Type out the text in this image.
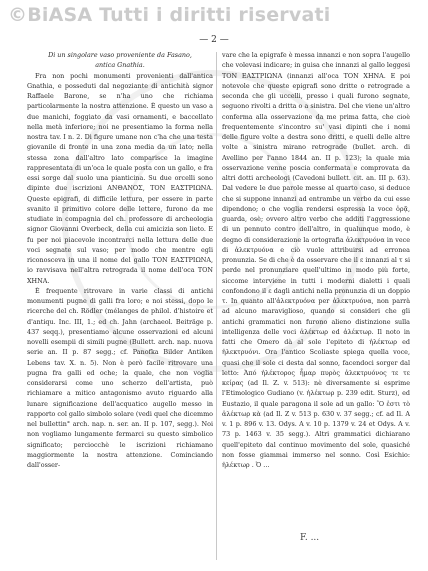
©BiASA Tutti i diritti riservati
— 2 —

Di un singolare vaso proveniente da Fasano,

antica Gnathia.

Fra non pochi monumenti provenienti dall'antica Gnathia, e posseduti dal negoziante di antichità signor Raffaele Barone, se n'ha uno che richiama particolarmente la nostra attenzione. È questo un vaso a due manichi, foggiato da vasi ornamenti, e baccellato nella metà inferiore; noi ne presentiamo la forma nella nostra tav. I n. 2. Di figure umane non c'ha che una testa giovanile di fronte in una zona media da un lato; nella stessa zona dall'altro lato comparisce la imagine rappresentata di un'oca le quale posta con un gallo, e fra essi sorge dal suolo una pianticina. Su due orcelli sono dipinte due iscrizioni ΑΝΘΑΝΟΣ, ΤΟΝ ΕΑΣΤΡΙΩΝΑ. Queste epigrafi, di difficile lettura, per essere in parte svanito il primitivo colore delle lettere, furono da me studiate in compagnia del ch. professore di archeologia signor Giovanni Overbeck, della cui amicizia son lieto. E fu per noi piacevole incontrarci nella lettura delle due voci segnate sul vaso; per modo che mentre egli riconosceva in una il nome del gallo ΤΟΝ ΕΑΣΤΡΙΩΝΑ, io ravvisava nell'altra retrograda il nome dell'oca ΤΟΝ ΧΗΝΑ.

È frequente ritrovare in varie classi di antichi monumenti pugne di galli fra loro; e noi stessi, dopo le ricerche del ch. Rödler (mélanges de philol. d'histoire et d'antiqu. Inc. III, 1.; ed ch. Jahn (archaeol. Beiträge p. 437 seqq.), presentiamo alcune osservazioni ed alcuni novelli esempii di simili pugne (Bullett. arch. nap. nuova serie an. II p. 87 segg.; cf. Panofka Bilder Antiken Lebens tav. X. n. 5). Non è però facile ritrovare una pugna fra galli ed oche; la quale, che non voglia considerarsi come uno scherzo dell'artista, può richiamare a mitico antagonismo avuto riguardo alla lunare significazione dell'acquatico augello messo in rapporto col gallo simbolo solare (vedi quel che dicemmo nel bullettin° arch. nap. n. ser. an. II p. 107, segg.). Noi non vogliamo lungamente fermarci su questo simbolico significato; perciocchè le iscrizioni richiamano maggiormente la nostra attenzione. Cominciando dall'osser-

vare che la epigrafe è messa innanzi e non sopra l'augello che volevasi indicare; in guisa che innanzi al gallo leggesi ΤΟΝ ΕΑΣΤΡΙΩΝΑ (innanzi all'oca ΤΟΝ ΧΗΝΑ. E poi notevole che queste epigrafi sono dritte o retrograde a seconda che gli uccelli, presso i quali furono segnate, seguono rivolti a dritta o a sinistra. Del che viene un'altro conferma alla osservazione da me prima fatta, che cioè frequentemente s'incontro su' vasi dipinti che i nomi delle figure volte a destra sono dritti, e quelli delle altre volte a sinistra mirano retrograde (bullet. arch. di Avellino per l'anno 1844 an. II p. 123); la quale mia osservazione venne poscia confermata e comprovata da altri dotti archeologi (Cavedoni bullett. cit. an. III p. 63). Dal vedere le due parole messe al quarto caso, si deduce che si suppone innanzi ad entrambe un verbo da cui esse dipendono; o che voglia rendersi espressa la voce ὁρᾷ, guarda, osè; ovvero altro verbo che additi l'aggressione di un pennuto contro dell'altro, in qualunque modo, è degno di considerazione la ortografia ἀλεκτρυόνα in vece di ἀλεκτρυόνα e ciò vuole attribuirsi ad erronea pronunzia. Se di che è da osservare che il ε innanzi al τ si perde nel pronunziare quell'ultimo in modo più forte, siccome interviene in tutti i moderni dialetti i quali confondono il ε dagli antichi nella pronunzia di un doppio τ. In quanto all'ἀλεκτρυόνα per ἀλεκτρυόνα, non parrà ad alcuno maraviglioso, quando si consideri che gli antichi grammatici non furono alieno distinzione sulla intelligenza delle voci ἀλέκτωρ ed ἀλέκτωρ. Il noto in fatti che Omero dà al sole l'epiteto di ἠλέκτωρ ed ἠλεκτρυόνι. Ora l'antico Scoliaste spiega quella voce, quasi che il sole ci desta dal sonno, facendoci sorger dal letto: Ἀπό ἠλέκτορος ἦμαρ πυρὸς ἀλεκτρυόνος τε τε κείρας (ad Il. Z. v. 513): nè diversamente si esprime l'Etimologico Gudiano (v. ἠλέκτωρ p. 239 edit. Sturz), ed Eustazio, il quale paragona il sole ad un gallo: Ὃ ἐστι τὸ ἀλέκτωρ κὰ (ad Il. Z v. 513 p. 630 v. 37 segg.; cf. ad Il. A v. 1 p. 896 v. 13. Odys. A v. 10 p. 1379 v. 24 et Odys. A v. 73 p. 1463 v. 35 segg.). Altri grammatici dichiarano quell'epiteto dal continuo movimento del sole, quasiché non fosse giammai immerso nel sonno. Così Esichio: ἠλέκτωρ . Ὁ ...

F. ...
